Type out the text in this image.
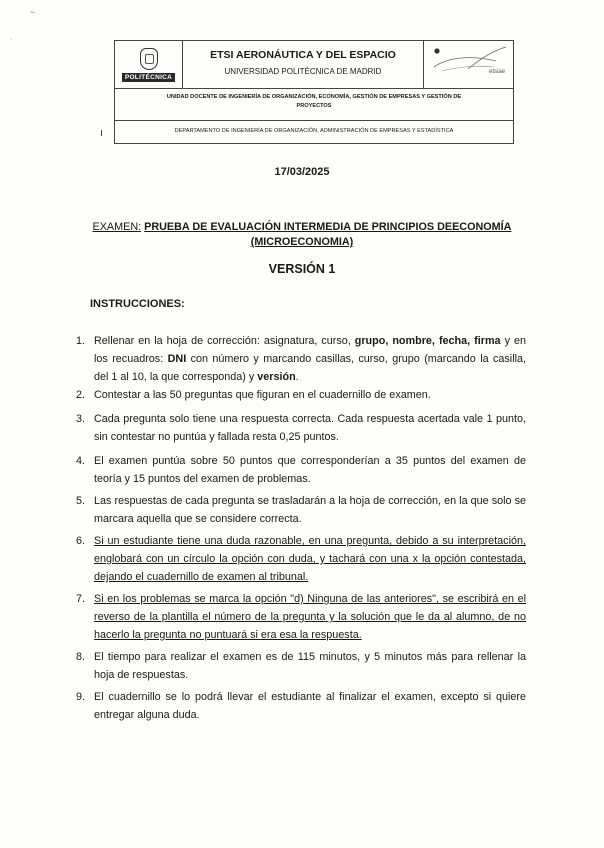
~
·
POLITÉCNICA
ETSI AERONÁUTICA Y DEL ESPACIO
UNIVERSIDAD POLITÉCNICA DE MADRID	etsiae
UNIDAD DOCENTE DE INGENIERÍA DE ORGANIZACIÓN, ECONOMÍA, GESTIÓN DE EMPRESAS Y GESTIÓN DE PROYECTOS
DEPARTAMENTO DE INGENIERÍA DE ORGANIZACIÓN, ADMINISTRACIÓN DE EMPRESAS Y ESTADÍSTICA
17/03/2025
EXAMEN: PRUEBA DE EVALUACIÓN INTERMEDIA DE PRINCIPIOS DEECONOMÍA
(MICROECONOMIA)
VERSIÓN 1
INSTRUCCIONES:
1. Rellenar en la hoja de corrección: asignatura, curso, grupo, nombre, fecha, firma y en los recuadros: DNI con número y marcando casillas, curso, grupo (marcando la casilla, del 1 al 10, la que corresponda) y versión.
2. Contestar a las 50 preguntas que figuran en el cuadernillo de examen.
3. Cada pregunta solo tiene una respuesta correcta. Cada respuesta acertada vale 1 punto, sin contestar no puntúa y fallada resta 0,25 puntos.
4. El examen puntúa sobre 50 puntos que corresponderían a 35 puntos del examen de teoría y 15 puntos del examen de problemas.
5. Las respuestas de cada pregunta se trasladarán a la hoja de corrección, en la que solo se marcara aquella que se considere correcta.
6. Si un estudiante tiene una duda razonable, en una pregunta, debido a su interpretación, englobará con un círculo la opción con duda, y tachará con una x la opción contestada, dejando el cuadernillo de examen al tribunal.
7. Si en los problemas se marca la opción "d) Ninguna de las anteriores", se escribirá en el reverso de la plantilla el número de la pregunta y la solución que le da al alumno, de no hacerlo la pregunta no puntuará si era esa la respuesta.
8. El tiempo para realizar el examen es de 115 minutos, y 5 minutos más para rellenar la hoja de respuestas.
9. El cuadernillo se lo podrá llevar el estudiante al finalizar el examen, excepto si quiere entregar alguna duda.
